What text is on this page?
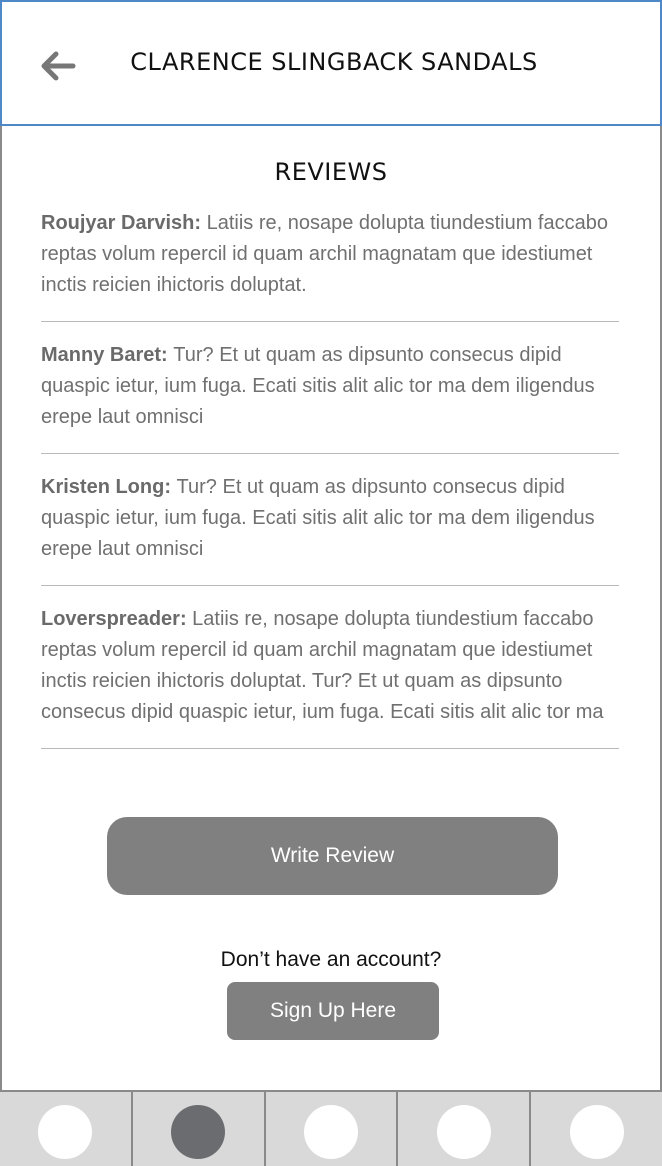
CLARENCE SLINGBACK SANDALS
REVIEWS
Roujyar Darvish: Latiis re, nosape dolupta tiundestium faccabo reptas volum repercil id quam archil magnatam que idestiumet inctis reicien ihictoris doluptat.
Manny Baret: Tur? Et ut quam as dipsunto consecus dipid quaspic ietur, ium fuga. Ecati sitis alit alic tor ma dem iligendus erepe laut omnisci
Kristen Long: Tur? Et ut quam as dipsunto consecus dipid quaspic ietur, ium fuga. Ecati sitis alit alic tor ma dem iligendus erepe laut omnisci
Loverspreader: Latiis re, nosape dolupta tiundestium faccabo reptas volum repercil id quam archil magnatam que idestiumet inctis reicien ihictoris doluptat. Tur? Et ut quam as dipsunto consecus dipid quaspic ietur, ium fuga. Ecati sitis alit alic tor ma
Write Review
Don’t have an account?
Sign Up Here
